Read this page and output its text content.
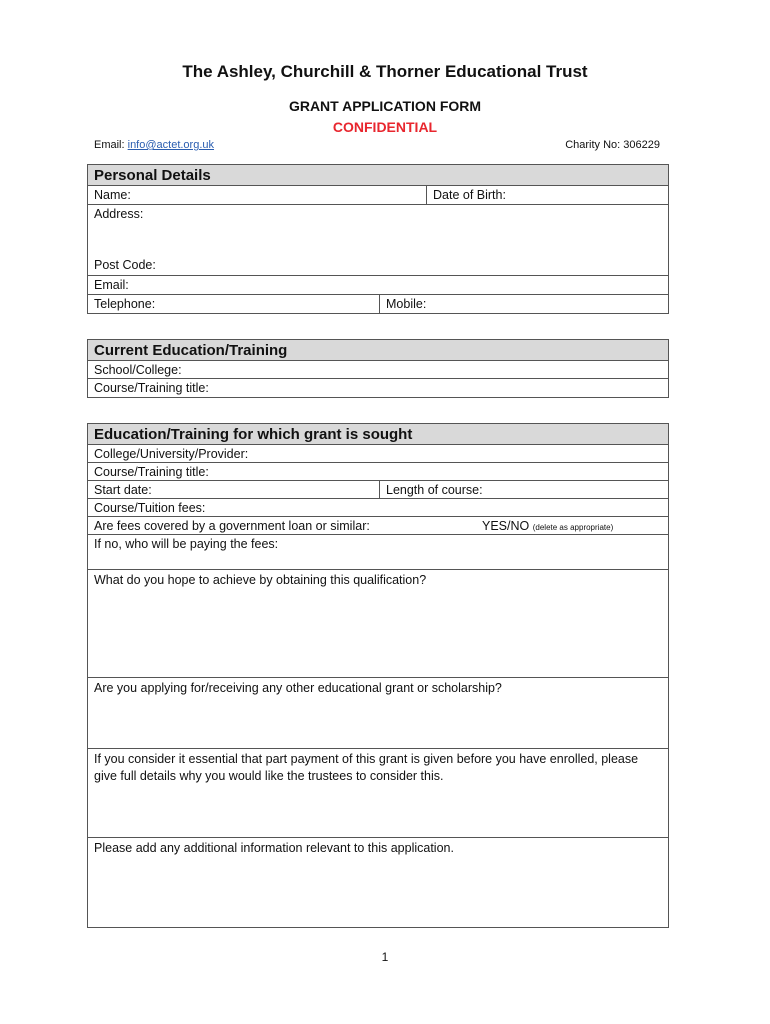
The Ashley, Churchill & Thorner Educational Trust
GRANT APPLICATION FORM
CONFIDENTIAL
Email: info@actet.org.uk	Charity No: 306229
Personal Details
Name:	Date of Birth:
Address:
Post Code:
Email:
Telephone:	Mobile:
Current Education/Training
School/College:
Course/Training title:
Education/Training for which grant is sought
College/University/Provider:
Course/Training title:
Start date:	Length of course:
Course/Tuition fees:
Are fees covered by a government loan or similar:	YES/NO (delete as appropriate)
If no, who will be paying the fees:
What do you hope to achieve by obtaining this qualification?
Are you applying for/receiving any other educational grant or scholarship?
If you consider it essential that part payment of this grant is given before you have enrolled, please give full details why you would like the trustees to consider this.
Please add any additional information relevant to this application.
1
